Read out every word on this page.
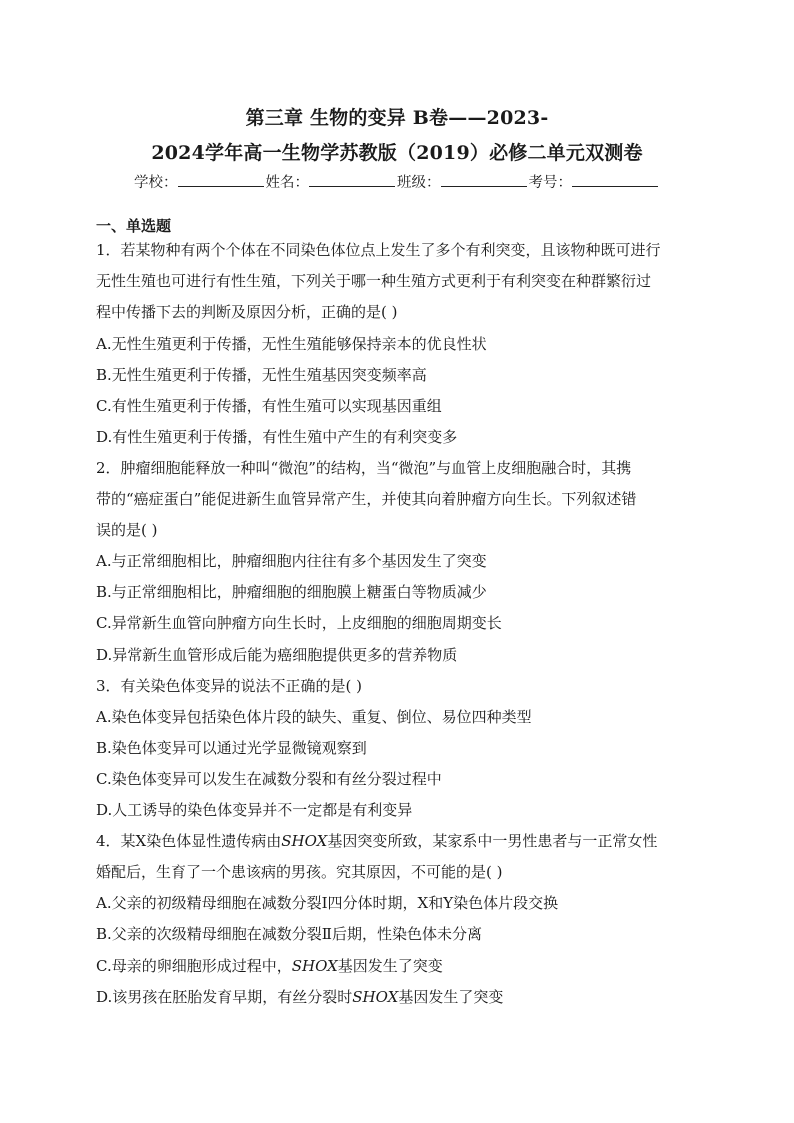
第三章 生物的变异 B卷——2023-
2024学年高一生物学苏教版（2019）必修二单元双测卷
学校：	姓名：	班级：	考号：
一、单选题
1．若某物种有两个个体在不同染色体位点上发生了多个有利突变，且该物种既可进行
无性生殖也可进行有性生殖，下列关于哪一种生殖方式更利于有利突变在种群繁衍过
程中传播下去的判断及原因分析，正确的是( )
A.无性生殖更利于传播，无性生殖能够保持亲本的优良性状
B.无性生殖更利于传播，无性生殖基因突变频率高
C.有性生殖更利于传播，有性生殖可以实现基因重组
D.有性生殖更利于传播，有性生殖中产生的有利突变多
2．肿瘤细胞能释放一种叫“微泡”的结构，当“微泡”与血管上皮细胞融合时，其携
带的“癌症蛋白”能促进新生血管异常产生，并使其向着肿瘤方向生长。下列叙述错
误的是( )
A.与正常细胞相比，肿瘤细胞内往往有多个基因发生了突变
B.与正常细胞相比，肿瘤细胞的细胞膜上糖蛋白等物质减少
C.异常新生血管向肿瘤方向生长时，上皮细胞的细胞周期变长
D.异常新生血管形成后能为癌细胞提供更多的营养物质
3．有关染色体变异的说法不正确的是( )
A.染色体变异包括染色体片段的缺失、重复、倒位、易位四种类型
B.染色体变异可以通过光学显微镜观察到
C.染色体变异可以发生在减数分裂和有丝分裂过程中
D.人工诱导的染色体变异并不一定都是有利变异
4．某X染色体显性遗传病由SHOX基因突变所致，某家系中一男性患者与一正常女性
婚配后，生育了一个患该病的男孩。究其原因，不可能的是( )
A.父亲的初级精母细胞在减数分裂Ⅰ四分体时期，X和Y染色体片段交换
B.父亲的次级精母细胞在减数分裂Ⅱ后期，性染色体未分离
C.母亲的卵细胞形成过程中，SHOX基因发生了突变
D.该男孩在胚胎发育早期，有丝分裂时SHOX基因发生了突变
